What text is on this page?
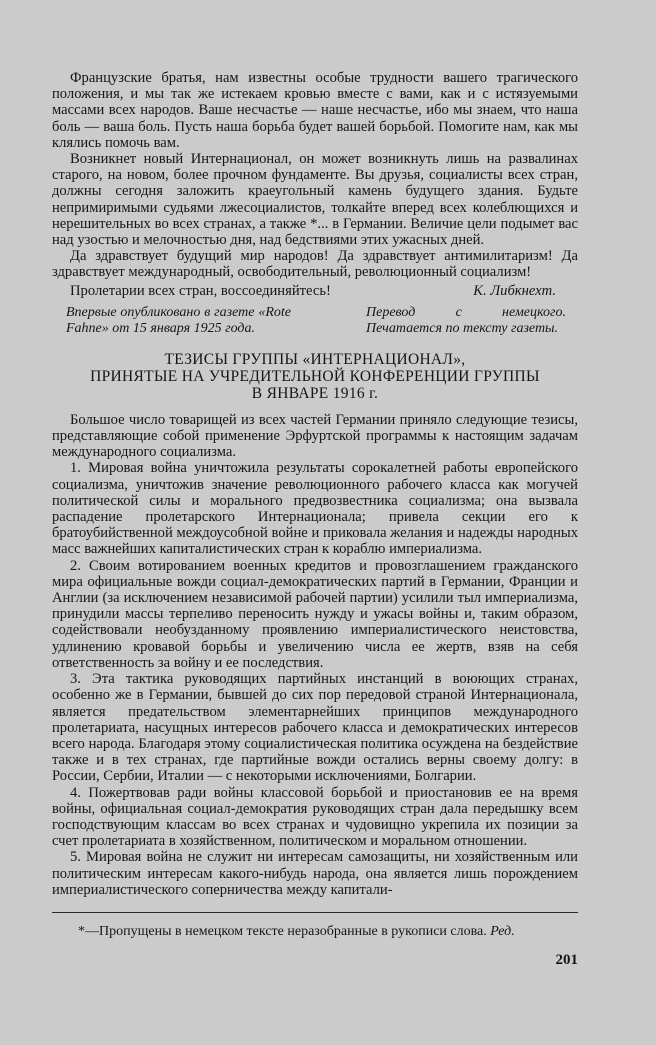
Французские братья, нам известны особые трудности вашего трагического положения, и мы так же истекаем кровью вместе с вами, как и с истязуемыми массами всех народов. Ваше несчастье — наше несчастье, ибо мы знаем, что наша боль — ваша боль. Пусть наша борьба будет вашей борьбой. Помогите нам, как мы клялись помочь вам.

Возникнет новый Интернационал, он может возникнуть лишь на развалинах старого, на новом, более прочном фундаменте. Вы друзья, социалисты всех стран, должны сегодня заложить краеугольный камень будущего здания. Будьте непримиримыми судьями лжесоциалистов, толкайте вперед всех колеблющихся и нерешительных во всех странах, а также *... в Германии. Величие цели подымет вас над узостью и мелочностью дня, над бедствиями этих ужасных дней.

Да здравствует будущий мир народов! Да здравствует антимилитаризм! Да здравствует международный, освободительный, революционный социализм!

Пролетарии всех стран, воссоединяйтесь!	К. Либкнехт.
Впервые опубликовано в газете «Rote Fahne» от 15 января 1925 года.
Перевод с немецкого. Печатается по тексту газеты.
ТЕЗИСЫ ГРУППЫ «ИНТЕРНАЦИОНАЛ»,
ПРИНЯТЫЕ НА УЧРЕДИТЕЛЬНОЙ КОНФЕРЕНЦИИ ГРУППЫ
В ЯНВАРЕ 1916 г.

Большое число товарищей из всех частей Германии приняло следующие тезисы, представляющие собой применение Эрфуртской программы к настоящим задачам международного социализма.

1. Мировая война уничтожила результаты сорокалетней работы европейского социализма, уничтожив значение революционного рабочего класса как могучей политической силы и морального предвозвестника социализма; она вызвала распадение пролетарского Интернационала; привела секции его к братоубийственной междоусобной войне и приковала желания и надежды народных масс важнейших капиталистических стран к кораблю империализма.

2. Своим вотированием военных кредитов и провозглашением гражданского мира официальные вожди социал-демократических партий в Германии, Франции и Англии (за исключением независимой рабочей партии) усилили тыл империализма, принудили массы терпеливо переносить нужду и ужасы войны и, таким образом, содействовали необузданному проявлению империалистического неистовства, удлинению кровавой борьбы и увеличению числа ее жертв, взяв на себя ответственность за войну и ее последствия.

3. Эта тактика руководящих партийных инстанций в воюющих странах, особенно же в Германии, бывшей до сих пор передовой страной Интернационала, является предательством элементарнейших принципов международного пролетариата, насущных интересов рабочего класса и демократических интересов всего народа. Благодаря этому социалистическая политика осуждена на бездействие также и в тех странах, где партийные вожди остались верны своему долгу: в России, Сербии, Италии — с некоторыми исключениями, Болгарии.

4. Пожертвовав ради войны классовой борьбой и приостановив ее на время войны, официальная социал-демократия руководящих стран дала передышку всем господствующим классам во всех странах и чудовищно укрепила их позиции за счет пролетариата в хозяйственном, политическом и моральном отношении.

5. Мировая война не служит ни интересам самозащиты, ни хозяйственным или политическим интересам какого-нибудь народа, она является лишь порождением империалистического соперничества между капитали-

*—Пропущены в немецком тексте неразобранные в рукописи слова. Ред.
201
